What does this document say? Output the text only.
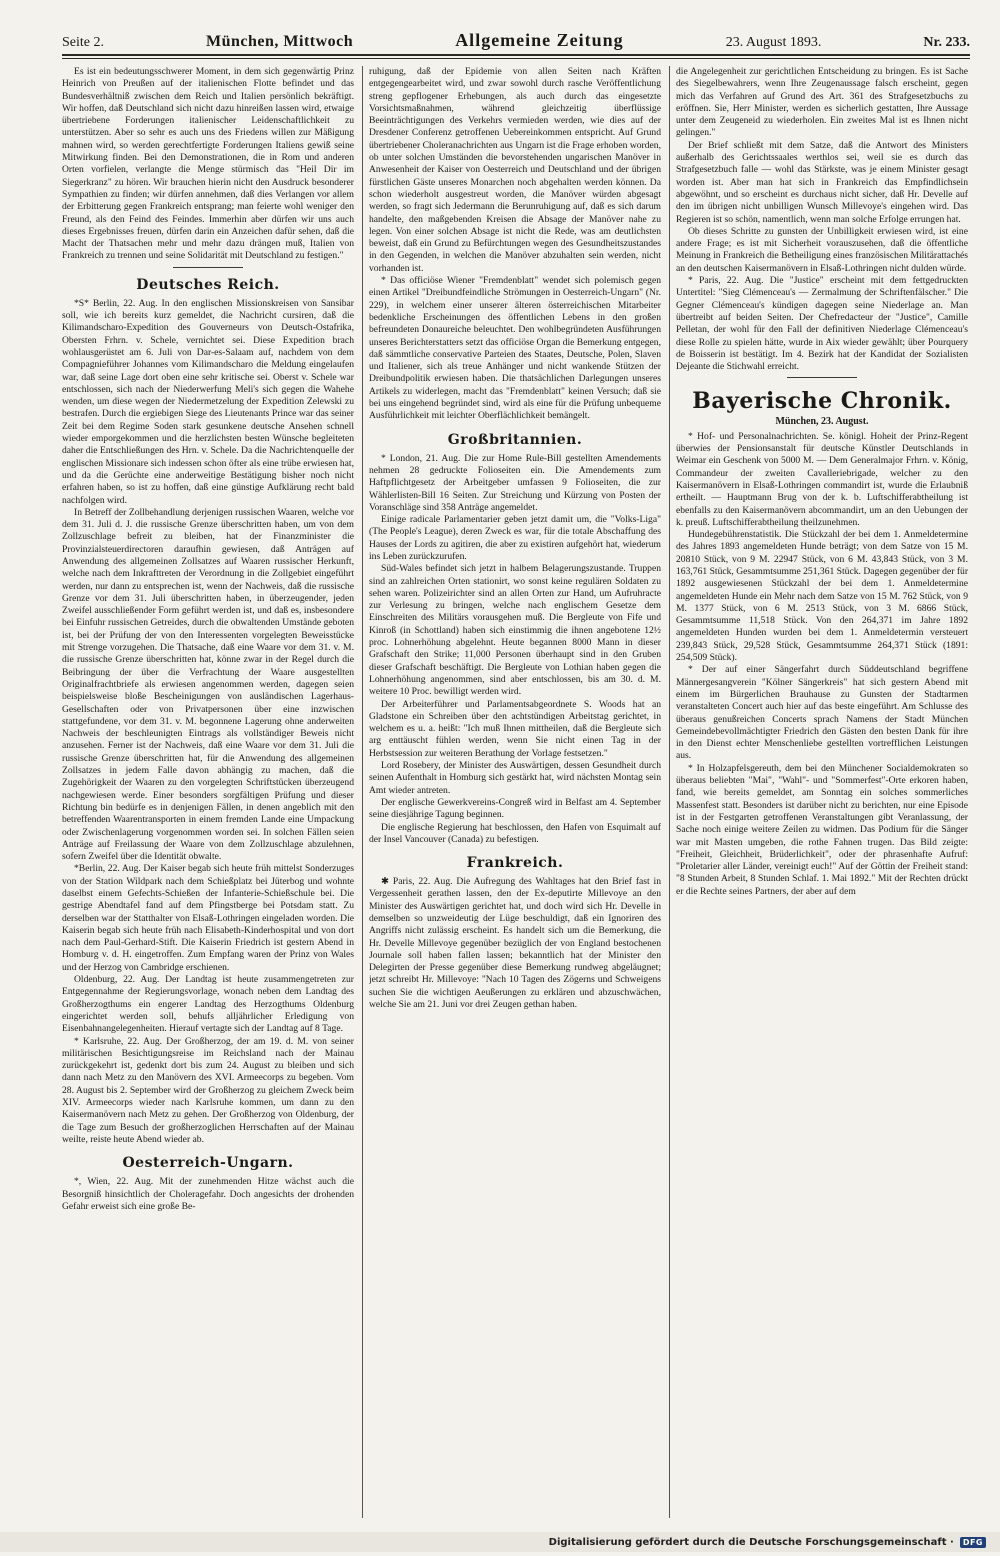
Seite 2.	München, Mittwoch	Allgemeine Zeitung	23. August 1893.	Nr. 233.

Es ist ein bedeutungsschwerer Moment, in dem sich gegenwärtig Prinz Heinrich von Preußen auf der italienischen Flotte befindet und das Bundesverhältniß zwischen dem Reich und Italien persönlich bekräftigt. Wir hoffen, daß Deutschland sich nicht dazu hinreißen lassen wird, etwaige übertriebene Forderungen italienischer Leidenschaftlichkeit zu unterstützen. Aber so sehr es auch uns des Friedens willen zur Mäßigung mahnen wird, so werden gerechtfertigte Forderungen Italiens gewiß seine Mitwirkung finden. Bei den Demonstrationen, die in Rom und anderen Orten vorfielen, verlangte die Menge stürmisch das "Heil Dir im Siegerkranz" zu hören. Wir brauchen hierin nicht den Ausdruck besonderer Sympathien zu finden; wir dürfen annehmen, daß dies Verlangen vor allem der Erbitterung gegen Frankreich entsprang; man feierte wohl weniger den Freund, als den Feind des Feindes. Immerhin aber dürfen wir uns auch dieses Ergebnisses freuen, dürfen darin ein Anzeichen dafür sehen, daß die Macht der Thatsachen mehr und mehr dazu drängen muß, Italien von Frankreich zu trennen und seine Solidarität mit Deutschland zu festigen."

Deutsches Reich.

*S* Berlin, 22. Aug. In den englischen Missionskreisen von Sansibar soll, wie ich bereits kurz gemeldet, die Nachricht cursiren, daß die Kilimandscharo-Expedition des Gouverneurs von Deutsch-Ostafrika, Obersten Frhrn. v. Schele, vernichtet sei. Diese Expedition brach wohlausgerüstet am 6. Juli von Dar-es-Salaam auf, nachdem von dem Compagnieführer Johannes vom Kilimandscharo die Meldung eingelaufen war, daß seine Lage dort oben eine sehr kritische sei. Oberst v. Schele war entschlossen, sich nach der Niederwerfung Meli's sich gegen die Wahehe wenden, um diese wegen der Niedermetzelung der Expedition Zelewski zu bestrafen. Durch die ergiebigen Siege des Lieutenants Prince war das seiner Zeit bei dem Regime Soden stark gesunkene deutsche Ansehen schnell wieder emporgekommen und die herzlichsten besten Wünsche begleiteten daher die Entschließungen des Hrn. v. Schele. Da die Nachrichtenquelle der englischen Missionare sich indessen schon öfter als eine trübe erwiesen hat, und da die Gerüchte eine anderweitige Bestätigung bisher noch nicht erfahren haben, so ist zu hoffen, daß eine günstige Aufklärung recht bald nachfolgen wird.

In Betreff der Zollbehandlung derjenigen russischen Waaren, welche vor dem 31. Juli d. J. die russische Grenze überschritten haben, um von dem Zollzuschlage befreit zu bleiben, hat der Finanzminister die Provinzialsteuerdirectoren daraufhin gewiesen, daß Anträgen auf Anwendung des allgemeinen Zollsatzes auf Waaren russischer Herkunft, welche nach dem Inkrafttreten der Verordnung in die Zollgebiet eingeführt werden, nur dann zu entsprechen ist, wenn der Nachweis, daß die russische Grenze vor dem 31. Juli überschritten haben, in überzeugender, jeden Zweifel ausschließender Form geführt werden ist, und daß es, insbesondere bei Einfuhr russischen Getreides, durch die obwaltenden Umstände geboten ist, bei der Prüfung der von den Interessenten vorgelegten Beweisstücke mit Strenge vorzugehen. Die Thatsache, daß eine Waare vor dem 31. v. M. die russische Grenze überschritten hat, könne zwar in der Regel durch die Beibringung der über die Verfrachtung der Waare ausgestellten Originalfrachtbriefe als erwiesen angenommen werden, dagegen seien beispielsweise bloße Bescheinigungen von ausländischen Lagerhaus-Gesellschaften oder von Privatpersonen über eine inzwischen stattgefundene, vor dem 31. v. M. begonnene Lagerung ohne anderweiten Nachweis der beschleunigten Eintrags als vollständiger Beweis nicht anzusehen. Ferner ist der Nachweis, daß eine Waare vor dem 31. Juli die russische Grenze überschritten hat, für die Anwendung des allgemeinen Zollsatzes in jedem Falle davon abhängig zu machen, daß die Zugehörigkeit der Waaren zu den vorgelegten Schriftstücken überzeugend nachgewiesen werde. Einer besonders sorgfältigen Prüfung und dieser Richtung bin bedürfe es in denjenigen Fällen, in denen angeblich mit den betreffenden Waarentransporten in einem fremden Lande eine Umpackung oder Zwischenlagerung vorgenommen worden sei. In solchen Fällen seien Anträge auf Freilassung der Waare von dem Zollzuschlage abzulehnen, sofern Zweifel über die Identität obwalte.

*Berlin, 22. Aug. Der Kaiser begab sich heute früh mittelst Sonderzuges von der Station Wildpark nach dem Schießplatz bei Jüterbog und wohnte daselbst einem Gefechts-Schießen der Infanterie-Schießschule bei. Die gestrige Abendtafel fand auf dem Pfingstberge bei Potsdam statt. Zu derselben war der Statthalter von Elsaß-Lothringen eingeladen worden. Die Kaiserin begab sich heute früh nach Elisabeth-Kinderhospital und von dort nach dem Paul-Gerhard-Stift. Die Kaiserin Friedrich ist gestern Abend in Homburg v. d. H. eingetroffen. Zum Empfang waren der Prinz von Wales und der Herzog von Cambridge erschienen.

Oldenburg, 22. Aug. Der Landtag ist heute zusammengetreten zur Entgegennahme der Regierungsvorlage, wonach neben dem Landtag des Großherzogthums ein engerer Landtag des Herzogthums Oldenburg eingerichtet werden soll, behufs alljährlicher Erledigung von Eisenbahnangelegenheiten. Hierauf vertagte sich der Landtag auf 8 Tage.

* Karlsruhe, 22. Aug. Der Großherzog, der am 19. d. M. von seiner militärischen Besichtigungsreise im Reichsland nach der Mainau zurückgekehrt ist, gedenkt dort bis zum 24. August zu bleiben und sich dann nach Metz zu den Manövern des XVI. Armeecorps zu begeben. Vom 28. August bis 2. September wird der Großherzog zu gleichem Zweck beim XIV. Armeecorps wieder nach Karlsruhe kommen, um dann zu den Kaisermanövern nach Metz zu gehen. Der Großherzog von Oldenburg, der die Tage zum Besuch der großherzoglichen Herrschaften auf der Mainau weilte, reiste heute Abend wieder ab.

Oesterreich-Ungarn.

*, Wien, 22. Aug. Mit der zunehmenden Hitze wächst auch die Besorgniß hinsichtlich der Choleragefahr. Doch angesichts der drohenden Gefahr erweist sich eine große Be-

ruhigung, daß der Epidemie von allen Seiten nach Kräften entgegengearbeitet wird, und zwar sowohl durch rasche Veröffentlichung streng gepflogener Erhebungen, als auch durch das eingesetzte Vorsichtsmaßnahmen, während gleichzeitig überflüssige Beeinträchtigungen des Verkehrs vermieden werden, wie dies auf der Dresdener Conferenz getroffenen Uebereinkommen entspricht. Auf Grund übertriebener Choleranachrichten aus Ungarn ist die Frage erhoben worden, ob unter solchen Umständen die bevorstehenden ungarischen Manöver in Anwesenheit der Kaiser von Oesterreich und Deutschland und der übrigen fürstlichen Gäste unseres Monarchen noch abgehalten werden können. Da schon wiederholt ausgestreut worden, die Manöver würden abgesagt werden, so fragt sich Jedermann die Berunruhigung auf, daß es sich darum handelte, den maßgebenden Kreisen die Absage der Manöver nahe zu legen. Von einer solchen Absage ist nicht die Rede, was am deutlichsten beweist, daß ein Grund zu Befürchtungen wegen des Gesundheitszustandes in den Gegenden, in welchen die Manöver abzuhalten sein werden, nicht vorhanden ist.

* Das officiöse Wiener "Fremdenblatt" wendet sich polemisch gegen einen Artikel "Dreibundfeindliche Strömungen in Oesterreich-Ungarn" (Nr. 229), in welchem einer unserer älteren österreichischen Mitarbeiter bedenkliche Erscheinungen des öffentlichen Lebens in den großen befreundeten Donaureiche beleuchtet. Den wohlbegründeten Ausführungen unseres Berichterstatters setzt das officiöse Organ die Bemerkung entgegen, daß sämmtliche conservative Parteien des Staates, Deutsche, Polen, Slaven und Italiener, sich als treue Anhänger und nicht wankende Stützen der Dreibundpolitik erwiesen haben. Die thatsächlichen Darlegungen unseres Artikels zu widerlegen, macht das "Fremdenblatt" keinen Versuch; daß sie bei uns eingehend begründet sind, wird als eine für die Prüfung unbequeme Ausführlichkeit mit leichter Oberflächlichkeit bemängelt.

Großbritannien.

* London, 21. Aug. Die zur Home Rule-Bill gestellten Amendements nehmen 28 gedruckte Folioseiten ein. Die Amendements zum Haftpflichtgesetz der Arbeitgeber umfassen 9 Folioseiten, die zur Wählerlisten-Bill 16 Seiten. Zur Streichung und Kürzung von Posten der Voranschläge sind 358 Anträge angemeldet.

Einige radicale Parlamentarier geben jetzt damit um, die "Volks-Liga" (The People's League), deren Zweck es war, für die totale Abschaffung des Hauses der Lords zu agitiren, die aber zu existiren aufgehört hat, wiederum ins Leben zurückzurufen.

Süd-Wales befindet sich jetzt in halbem Belagerungszustande. Truppen sind an zahlreichen Orten stationirt, wo sonst keine regulären Soldaten zu sehen waren. Polizeirichter sind an allen Orten zur Hand, um Aufruhracte zur Verlesung zu bringen, welche nach englischem Gesetze dem Einschreiten des Militärs vorausgehen muß. Die Bergleute von Fife und Kinroß (in Schottland) haben sich einstimmig die ihnen angebotene 12½ proc. Lohnerhöhung abgelehnt. Heute begannen 8000 Mann in dieser Grafschaft den Strike; 11,000 Personen überhaupt sind in den Gruben dieser Grafschaft beschäftigt. Die Bergleute von Lothian haben gegen die Lohnerhöhung angenommen, sind aber entschlossen, bis am 30. d. M. weitere 10 Proc. bewilligt werden wird.

Der Arbeiterführer und Parlamentsabgeordnete S. Woods hat an Gladstone ein Schreiben über den achtstündigen Arbeitstag gerichtet, in welchem es u. a. heißt: "Ich muß Ihnen mittheilen, daß die Bergleute sich arg enttäuscht fühlen werden, wenn Sie nicht einen Tag in der Herbstsession zur weiteren Berathung der Vorlage festsetzen."

Lord Rosebery, der Minister des Auswärtigen, dessen Gesundheit durch seinen Aufenthalt in Homburg sich gestärkt hat, wird nächsten Montag sein Amt wieder antreten.

Der englische Gewerkvereins-Congreß wird in Belfast am 4. September seine diesjährige Tagung beginnen.

Die englische Regierung hat beschlossen, den Hafen von Esquimalt auf der Insel Vancouver (Canada) zu befestigen.

Frankreich.

✱ Paris, 22. Aug. Die Aufregung des Wahltages hat den Brief fast in Vergessenheit gerathen lassen, den der Ex-deputirte Millevoye an den Minister des Auswärtigen gerichtet hat, und doch wird sich Hr. Develle in demselben so unzweideutig der Lüge beschuldigt, daß ein Ignoriren des Angriffs nicht zulässig erscheint. Es handelt sich um die Bemerkung, die Hr. Develle Millevoye gegenüber bezüglich der von England bestochenen Journale soll haben fallen lassen; bekanntlich hat der Minister den Delegirten der Presse gegenüber diese Bemerkung rundweg abgeläugnet; jetzt schreibt Hr. Millevoye: "Nach 10 Tagen des Zögerns und Schweigens suchen Sie die wichtigen Aeußerungen zu erklären und abzuschwächen, welche Sie am 21. Juni vor drei Zeugen gethan haben.

die Angelegenheit zur gerichtlichen Entscheidung zu bringen. Es ist Sache des Siegelbewahrers, wenn Ihre Zeugenaussage falsch erscheint, gegen mich das Verfahren auf Grund des Art. 361 des Strafgesetzbuchs zu eröffnen. Sie, Herr Minister, werden es sicherlich gestatten, Ihre Aussage unter dem Zeugeneid zu wiederholen. Ein zweites Mal ist es Ihnen nicht gelingen."

Der Brief schließt mit dem Satze, daß die Antwort des Ministers außerhalb des Gerichtssaales werthlos sei, weil sie es durch das Strafgesetzbuch falle — wohl das Stärkste, was je einem Minister gesagt worden ist. Aber man hat sich in Frankreich das Empfindlichsein abgewöhnt, und so erscheint es durchaus nicht sicher, daß Hr. Develle auf den im übrigen nicht unbilligen Wunsch Millevoye's eingehen wird. Das Regieren ist so schön, namentlich, wenn man solche Erfolge errungen hat.

Ob dieses Schritte zu gunsten der Unbilligkeit erwiesen wird, ist eine andere Frage; es ist mit Sicherheit vorauszusehen, daß die öffentliche Meinung in Frankreich die Betheiligung eines französischen Militärattachés an den deutschen Kaisermanövern in Elsaß-Lothringen nicht dulden würde.

* Paris, 22. Aug. Die "Justice" erscheint mit dem fettgedruckten Untertitel: "Sieg Clémenceau's — Zermalmung der Schriftenfälscher." Die Gegner Clémenceau's kündigen dagegen seine Niederlage an. Man übertreibt auf beiden Seiten. Der Chefredacteur der "Justice", Camille Pelletan, der wohl für den Fall der definitiven Niederlage Clémenceau's diese Rolle zu spielen hätte, wurde in Aix wieder gewählt; über Pourquery de Boisserin ist bestätigt. Im 4. Bezirk hat der Kandidat der Sozialisten Dejeante die Stichwahl erreicht.

Bayerische Chronik.
München, 23. August.

* Hof- und Personalnachrichten. Se. königl. Hoheit der Prinz-Regent überwies der Pensionsanstalt für deutsche Künstler Deutschlands in Weimar ein Geschenk von 5000 M. — Dem Generalmajor Frhrn. v. König, Commandeur der zweiten Cavalleriebrigade, welcher zu den Kaisermanövern in Elsaß-Lothringen commandirt ist, wurde die Erlaubniß ertheilt. — Hauptmann Brug von der k. b. Luftschifferabtheilung ist ebenfalls zu den Kaisermanövern abcommandirt, um an den Uebungen der k. preuß. Luftschifferabtheilung theilzunehmen.

Hundegebührenstatistik. Die Stückzahl der bei dem 1. Anmeldetermine des Jahres 1893 angemeldeten Hunde beträgt; von dem Satze von 15 M. 20810 Stück, von 9 M. 22947 Stück, von 6 M. 43,843 Stück, von 3 M. 163,761 Stück, Gesammtsumme 251,361 Stück. Dagegen gegenüber der für 1892 ausgewiesenen Stückzahl der bei dem 1. Anmeldetermine angemeldeten Hunde ein Mehr nach dem Satze von 15 M. 762 Stück, von 9 M. 1377 Stück, von 6 M. 2513 Stück, von 3 M. 6866 Stück, Gesammtsumme 11,518 Stück. Von den 264,371 im Jahre 1892 angemeldeten Hunden wurden bei dem 1. Anmeldetermin versteuert 239,843 Stück, 29,528 Stück, Gesammtsumme 264,371 Stück (1891: 254,509 Stück).

* Der auf einer Sängerfahrt durch Süddeutschland begriffene Männergesangverein "Kölner Sängerkreis" hat sich gestern Abend mit einem im Bürgerlichen Brauhause zu Gunsten der Stadtarmen veranstalteten Concert auch hier auf das beste eingeführt. Am Schlusse des überaus genußreichen Concerts sprach Namens der Stadt München Gemeindebevollmächtigter Friedrich den Gästen den besten Dank für ihre in den Dienst echter Menschenliebe gestellten vortrefflichen Leistungen aus.

* In Holzapfelsgereuth, dem bei den Münchener Socialdemokraten so überaus beliebten "Mai", "Wahl"- und "Sommerfest"-Orte erkoren haben, fand, wie bereits gemeldet, am Sonntag ein solches sommerliches Massenfest statt. Besonders ist darüber nicht zu berichten, nur eine Episode ist in der Festgarten getroffenen Veranstaltungen gibt Veranlassung, der Sache noch einige weitere Zeilen zu widmen. Das Podium für die Sänger war mit Masten umgeben, die rothe Fahnen trugen. Das Bild zeigte: "Freiheit, Gleichheit, Brüderlichkeit", oder der phrasenhafte Aufruf: "Proletarier aller Länder, vereinigt euch!" Auf der Göttin der Freiheit stand: "8 Stunden Arbeit, 8 Stunden Schlaf. 1. Mai 1892." Mit der Rechten drückt er die Rechte seines Partners, der aber auf dem

Digitalisierung gefördert durch die Deutsche Forschungsgemeinschaft ·	DFG
